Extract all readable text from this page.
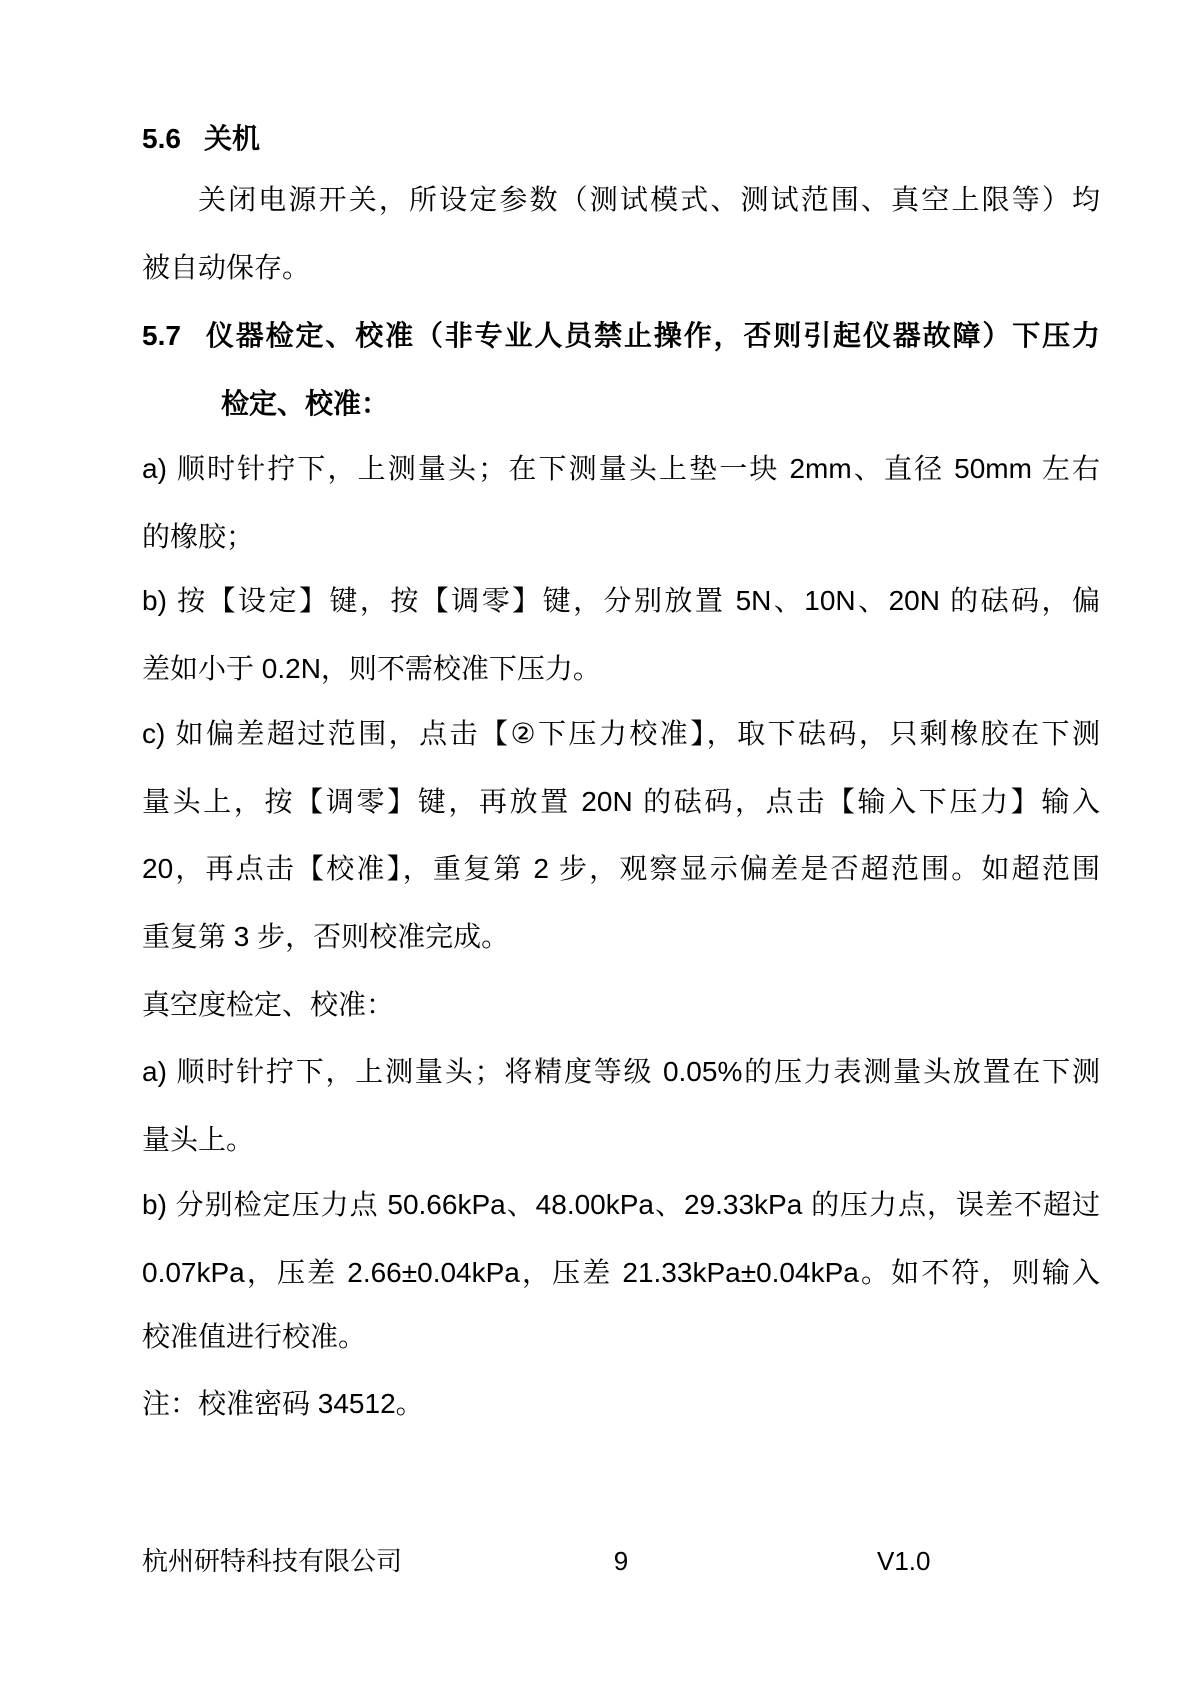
5.6 关机
关闭电源开关，所设定参数（测试模式、测试范围、真空上限等）均
被自动保存。
5.7 仪器检定、校准（非专业人员禁止操作，否则引起仪器故障）下压力
检定、校准：
a) 顺时针拧下，上测量头；在下测量头上垫一块 2mm、直径 50mm 左右
的橡胶；
b) 按【设定】键，按【调零】键，分别放置 5N、10N、20N 的砝码，偏
差如小于 0.2N，则不需校准下压力。
c) 如偏差超过范围，点击【②下压力校准】，取下砝码，只剩橡胶在下测
量头上，按【调零】键，再放置 20N 的砝码，点击【输入下压力】输入
20，再点击【校准】，重复第 2 步，观察显示偏差是否超范围。如超范围
重复第 3 步，否则校准完成。
真空度检定、校准：
a) 顺时针拧下，上测量头；将精度等级 0.05%的压力表测量头放置在下测
量头上。
b) 分别检定压力点 50.66kPa、48.00kPa、29.33kPa 的压力点，误差不超过
0.07kPa，压差 2.66±0.04kPa，压差 21.33kPa±0.04kPa。如不符，则输入
校准值进行校准。
注：校准密码 34512。
杭州研特科技有限公司	9	V1.0
